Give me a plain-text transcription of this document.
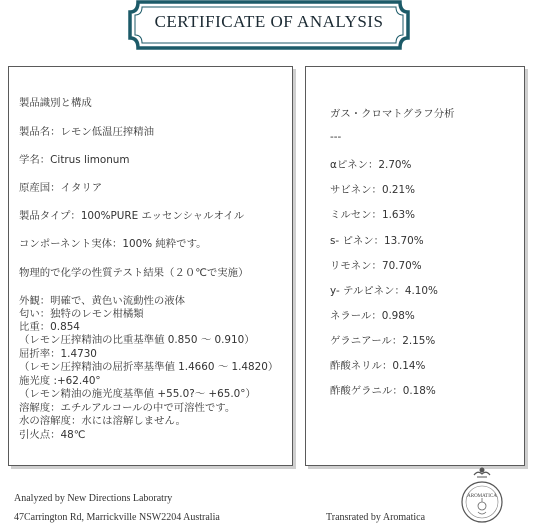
CERTIFICATE OF ANALYSIS
製品識別と構成
製品名：レモン低温圧搾精油
学名：Citrus limonum
原産国：イタリア
製品タイプ：100%PURE エッセンシャルオイル
コンポーネント実体：100% 純粋です。
物理的で化学の性質テスト結果（２０℃で実施）
外観：明確で、黄色い流動性の液体
匂い：独特のレモン柑橘類
比重：0.854
（レモン圧搾精油の比重基準値 0.850 ～ 0.910）
屈折率：1.4730
（レモン圧搾精油の屈折率基準値 1.4660 ～ 1.4820）
施光度 :+62.40°
（レモン精油の施光度基準値 +55.0?～ +65.0°）
溶解度：エチルアルコールの中で可溶性です。
水の溶解度：水には溶解しません。
引火点：48℃
ガス・クロマトグラフ分析
---
αピネン：2.70%
サビネン：0.21%
ミルセン：1.63%
s- ピネン：13.70%
リモネン：70.70%
y- テルピネン：4.10%
ネラール：0.98%
ゲラニアール：2.15%
酢酸ネリル：0.14%
酢酸ゲラニル：0.18%
Analyzed by New Directions Laboratry
47Carrington Rd, Marrickville NSW2204 Australia	Transrated by Aromatica
AROMATICA
